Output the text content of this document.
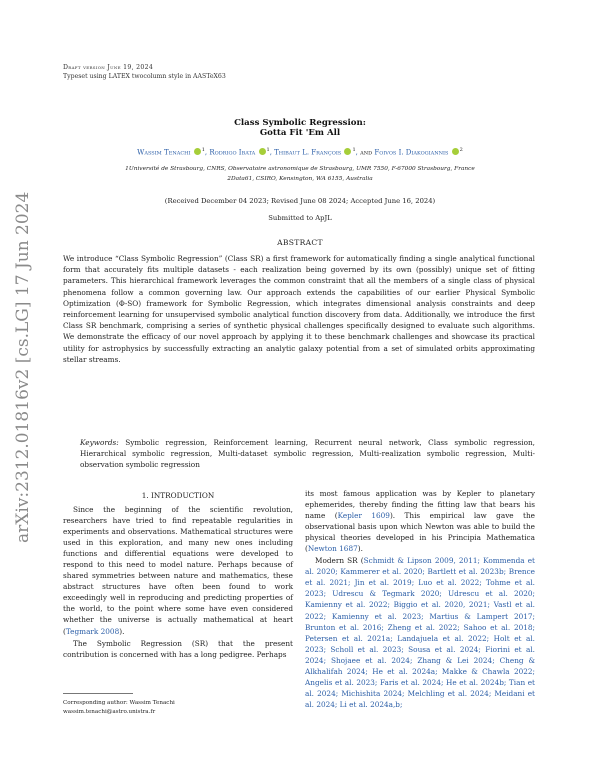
arXiv:2312.01816v2 [cs.LG] 17 Jun 2024
Draft version June 19, 2024
Typeset using LATEX twocolumn style in AASTeX63
Class Symbolic Regression:
Gotta Fit 'Em All
Wassim Tenachi $^1$, Rodrigo Ibata $^1$, Thibaut L. François $^1$, and Foivos I. Diakogiannis $^2$
1Université de Strasbourg, CNRS, Observatoire astronomique de Strasbourg, UMR 7550, F-67000 Strasbourg, France
2Data61, CSIRO, Kensington, WA 6155, Australia
(Received December 04 2023; Revised June 08 2024; Accepted June 16, 2024)
Submitted to ApJL
ABSTRACT
We introduce “Class Symbolic Regression” (Class SR) a first framework for automatically finding a single analytical functional form that accurately fits multiple datasets - each realization being governed by its own (possibly) unique set of fitting parameters. This hierarchical framework leverages the common constraint that all the members of a single class of physical phenomena follow a common governing law. Our approach extends the capabilities of our earlier Physical Symbolic Optimization (Φ-SO) framework for Symbolic Regression, which integrates dimensional analysis constraints and deep reinforcement learning for unsupervised symbolic analytical function discovery from data. Additionally, we introduce the first Class SR benchmark, comprising a series of synthetic physical challenges specifically designed to evaluate such algorithms. We demonstrate the efficacy of our novel approach by applying it to these benchmark challenges and showcase its practical utility for astrophysics by successfully extracting an analytic galaxy potential from a set of simulated orbits approximating stellar streams.
Keywords: Symbolic regression, Reinforcement learning, Recurrent neural network, Class symbolic regression, Hierarchical symbolic regression, Multi-dataset symbolic regression, Multi-realization symbolic regression, Multi-observation symbolic regression
1. INTRODUCTION

Since the beginning of the scientific revolution, researchers have tried to find repeatable regularities in experiments and observations. Mathematical structures were used in this exploration, and many new ones including functions and differential equations were developed to respond to this need to model nature. Perhaps because of shared symmetries between nature and mathematics, these abstract structures have often been found to work exceedingly well in reproducing and predicting properties of the world, to the point where some have even considered whether the universe is actually mathematical at heart (Tegmark 2008).

The Symbolic Regression (SR) that the present contribution is concerned with has a long pedigree. Perhaps

its most famous application was by Kepler to planetary ephemerides, thereby finding the fitting law that bears his name (Kepler 1609). This empirical law gave the observational basis upon which Newton was able to build the physical theories developed in his Principia Mathematica (Newton 1687).

Modern SR (Schmidt & Lipson 2009, 2011; Kommenda et al. 2020; Kammerer et al. 2020; Bartlett et al. 2023b; Brence et al. 2021; Jin et al. 2019; Luo et al. 2022; Tohme et al. 2023; Udrescu & Tegmark 2020; Udrescu et al. 2020; Kamienny et al. 2022; Biggio et al. 2020, 2021; Vastl et al. 2022; Kamienny et al. 2023; Martius & Lampert 2017; Brunton et al. 2016; Zheng et al. 2022; Sahoo et al. 2018; Petersen et al. 2021a; Landajuela et al. 2022; Holt et al. 2023; Scholl et al. 2023; Sousa et al. 2024; Fiorini et al. 2024; Shojaee et al. 2024; Zhang & Lei 2024; Cheng & Alkhalifah 2024; He et al. 2024a; Makke & Chawla 2022; Angelis et al. 2023; Faris et al. 2024; He et al. 2024b; Tian et al. 2024; Michishita 2024; Melchling et al. 2024; Meidani et al. 2024; Li et al. 2024a,b;

Corresponding author: Wassim Tenachi
wassim.tenachi@astro.unistra.fr
